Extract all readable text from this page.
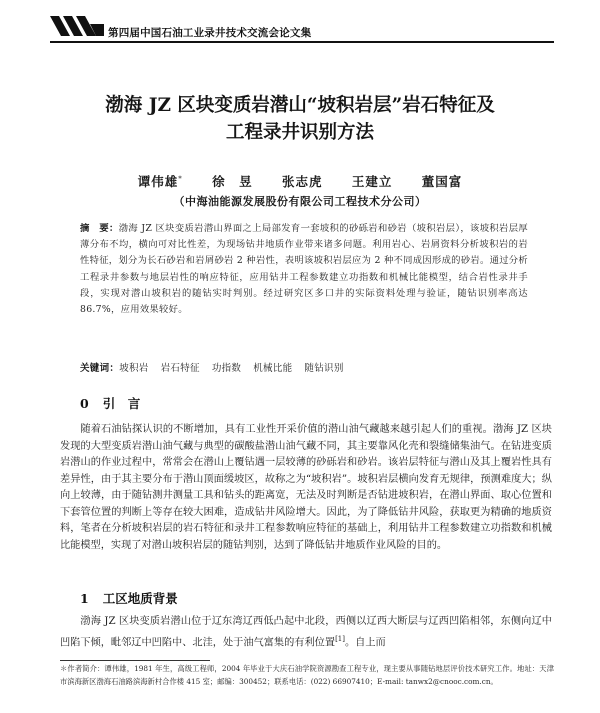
第四届中国石油工业录井技术交流会论文集
渤海 JZ 区块变质岩潜山“坡积岩层”岩石特征及
工程录井识别方法
谭伟雄* 徐　昱 张志虎 王建立 董国富
（中海油能源发展股份有限公司工程技术分公司）
摘　要：渤海 JZ 区块变质岩潜山界面之上局部发育一套坡积的砂砾岩和砂岩（坡积岩层），该坡积岩层厚薄分布不均，横向可对比性差，为现场钻井地质作业带来诸多问题。利用岩心、岩屑资料分析坡积岩的岩性特征，划分为长石砂岩和岩屑砂岩 2 种岩性，表明该坡积岩层应为 2 种不同成因形成的砂岩。通过分析工程录井参数与地层岩性的响应特征，应用钻井工程参数建立功指数和机械比能模型，结合岩性录井手段，实现对潜山坡积岩的随钻实时判别。经过研究区多口井的实际资料处理与验证，随钻识别率高达 86.7%，应用效果较好。
关键词：坡积岩 岩石特征 功指数 机械比能 随钻识别
0 引　言
随着石油钻探认识的不断增加，具有工业性开采价值的潜山油气藏越来越引起人们的重视。渤海 JZ 区块发现的大型变质岩潜山油气藏与典型的碳酸盐潜山油气藏不同，其主要靠风化壳和裂缝储集油气。在钻进变质岩潜山的作业过程中，常常会在潜山上覆钻遇一层较薄的砂砾岩和砂岩。该岩层特征与潜山及其上覆岩性具有差异性，由于其主要分布于潜山顶面缓坡区，故称之为“坡积岩”。坡积岩层横向发育无规律，预测难度大；纵向上较薄，由于随钻测井测量工具和钻头的距离宽，无法及时判断是否钻进坡积岩，在潜山界面、取心位置和下套管位置的判断上等存在较大困难，造成钻井风险增大。因此，为了降低钻井风险，获取更为精确的地质资料，笔者在分析坡积岩层的岩石特征和录井工程参数响应特征的基础上，利用钻井工程参数建立功指数和机械比能模型，实现了对潜山坡积岩层的随钻判别，达到了降低钻井地质作业风险的目的。
1 工区地质背景
渤海 JZ 区块变质岩潜山位于辽东湾辽西低凸起中北段，西侧以辽西大断层与辽西凹陷相邻，东侧向辽中凹陷下倾，毗邻辽中凹陷中、北洼，处于油气富集的有利位置[1]。自上而
＊作者简介：谭伟雄，1981 年生，高级工程师，2004 年毕业于大庆石油学院资源勘查工程专业，现主要从事随钻地层评价技术研究工作。地址：天津市滨海新区渤海石油路滨海新村合作楼 415 室；邮编：300452；联系电话：(022) 66907410；E-mail: tanwx2@cnooc.com.cn。
